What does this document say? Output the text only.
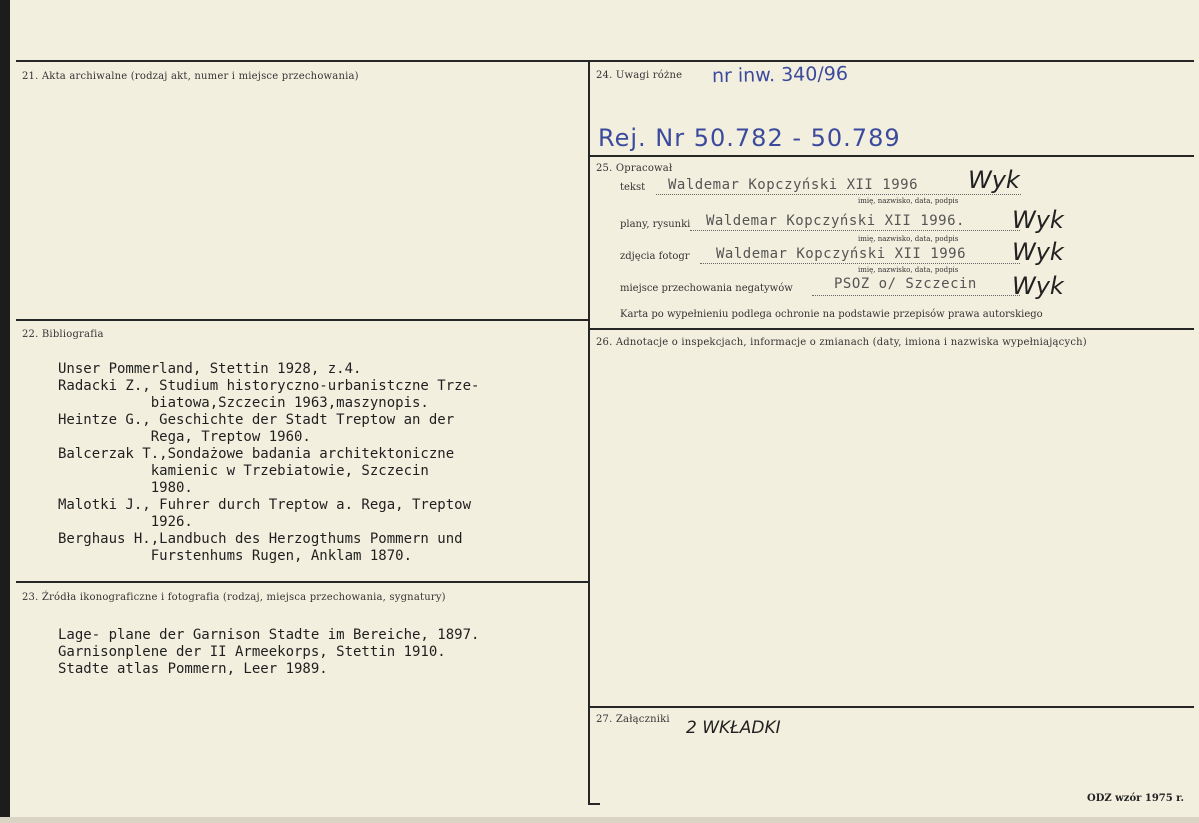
21. Akta archiwalne (rodzaj akt, numer i miejsce przechowania)
22. Bibliografia
Unser Pommerland, Stettin 1928, z.4.
Radacki Z., Studium historyczno-urbanistczne Trze-
biatowa,Szczecin 1963,maszynopis.
Heintze G., Geschichte der Stadt Treptow an der
Rega, Treptow 1960.
Balcerzak T.,Sondażowe badania architektoniczne
kamienic w Trzebiatowie, Szczecin
1980.
Malotki J., Fuhrer durch Treptow a. Rega, Treptow
1926.
Berghaus H.,Landbuch des Herzogthums Pommern und
Furstenhums Rugen, Anklam 1870.
23. Źródła ikonograficzne i fotografia (rodzaj, miejsca przechowania, sygnatury)
Lage- plane der Garnison Stadte im Bereiche, 1897.
Garnisonplene der II Armeekorps, Stettin 1910.
Stadte atlas Pommern, Leer 1989.
24. Uwagi różne nr inw. 340/96
Rej. Nr 50.782 - 50.789
25. Opracował
tekst Waldemar Kopczyński XII 1996
imię, nazwisko, data, podpis
Wyk
plany, rysunki Waldemar Kopczyński XII 1996.
imię, nazwisko, data, podpis
Wyk
zdjęcia fotogr Waldemar Kopczyński XII 1996
imię, nazwisko, data, podpis
Wyk
miejsce przechowania negatywów	PSOZ o/ Szczecin Wyk
Karta po wypełnieniu podlega ochronie na podstawie przepisów prawa autorskiego
26. Adnotacje o inspekcjach, informacje o zmianach (daty, imiona i nazwiska wypełniających)
27. Załączniki 2 WKŁADKI
ODZ wzór 1975 r.
